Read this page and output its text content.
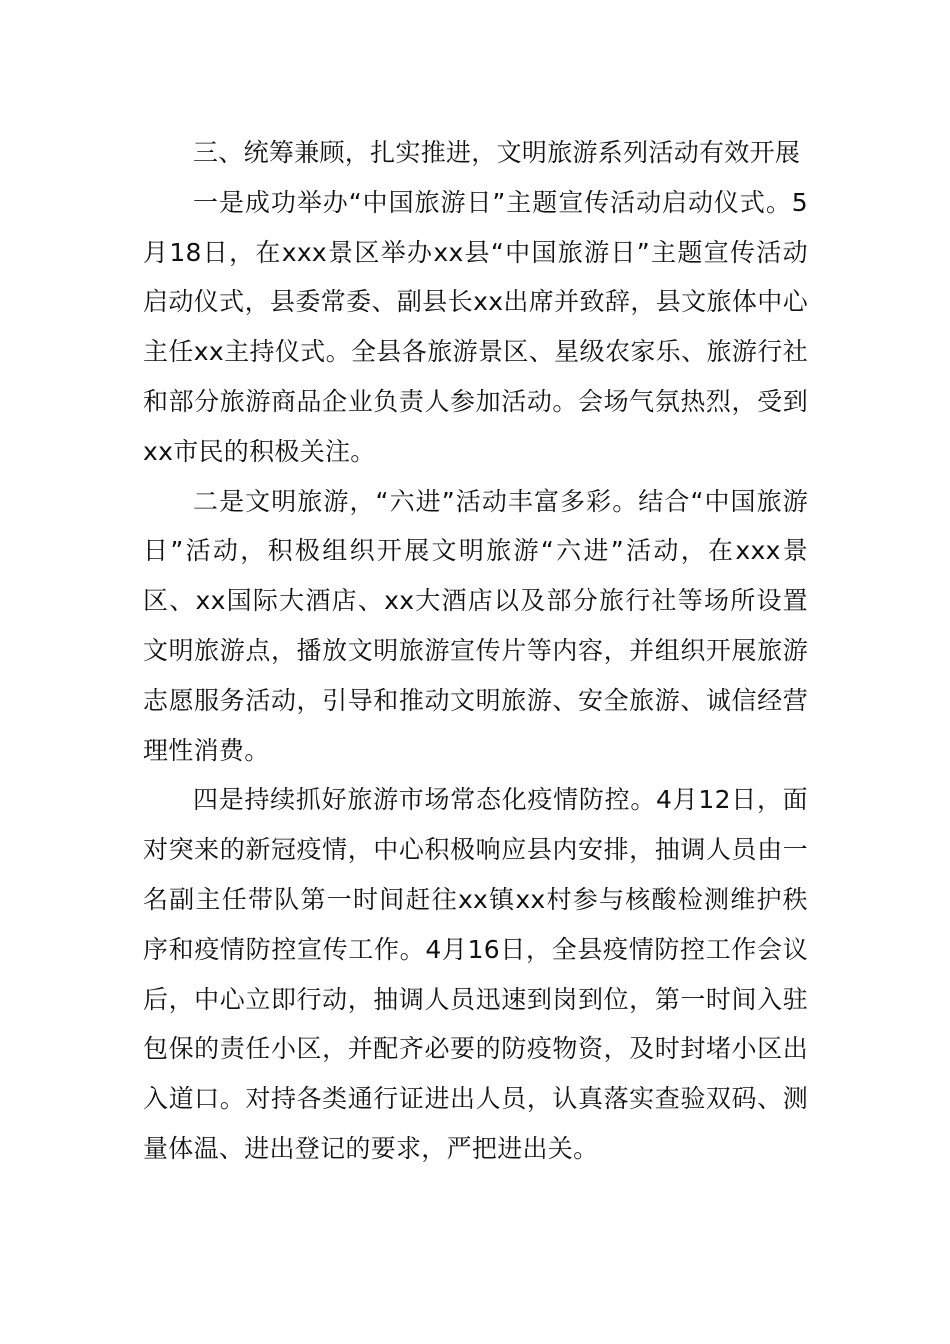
三、统筹兼顾，扎实推进，文明旅游系列活动有效开展

一是成功举办“中国旅游日”主题宣传活动启动仪式。5月18日，在xxx景区举办xx县“中国旅游日”主题宣传活动启动仪式，县委常委、副县长xx出席并致辞，县文旅体中心主任xx主持仪式。全县各旅游景区、星级农家乐、旅游行社和部分旅游商品企业负责人参加活动。会场气氛热烈，受到xx市民的积极关注。

二是文明旅游，“六进”活动丰富多彩。结合“中国旅游日”活动，积极组织开展文明旅游“六进”活动，在xxx景区、xx国际大酒店、xx大酒店以及部分旅行社等场所设置文明旅游点，播放文明旅游宣传片等内容，并组织开展旅游志愿服务活动，引导和推动文明旅游、安全旅游、诚信经营理性消费。

四是持续抓好旅游市场常态化疫情防控。4月12日，面对突来的新冠疫情，中心积极响应县内安排，抽调人员由一名副主任带队第一时间赶往xx镇xx村参与核酸检测维护秩序和疫情防控宣传工作。4月16日，全县疫情防控工作会议后，中心立即行动，抽调人员迅速到岗到位，第一时间入驻包保的责任小区，并配齐必要的防疫物资，及时封堵小区出入道口。对持各类通行证进出人员，认真落实查验双码、测量体温、进出登记的要求，严把进出关。
